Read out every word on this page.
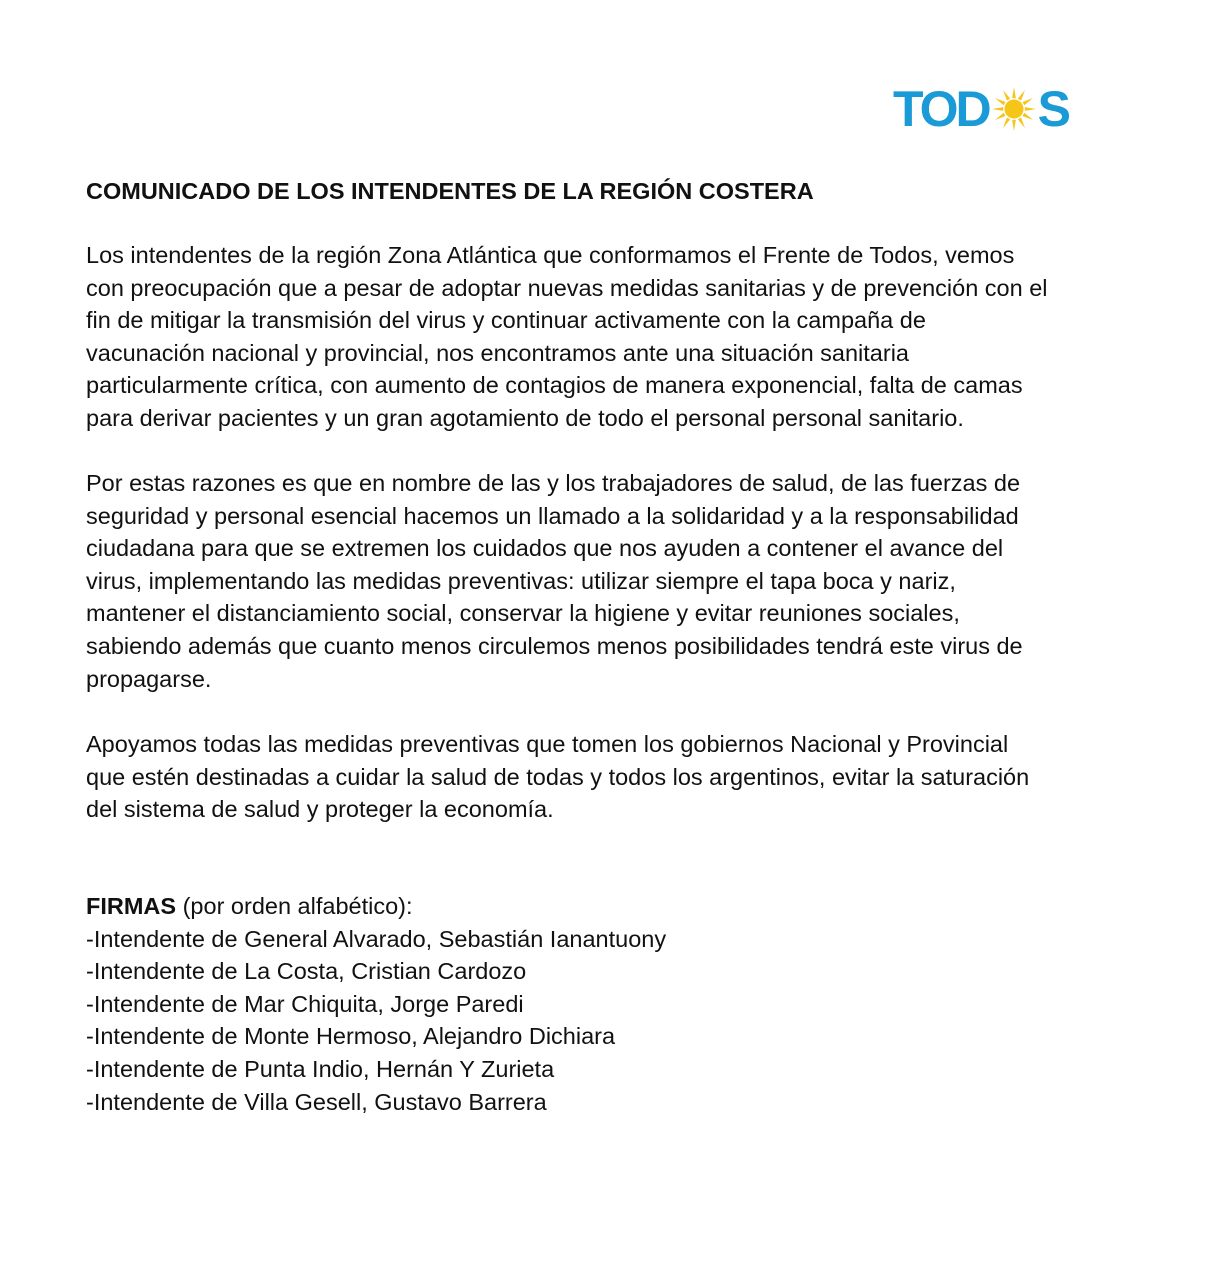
TOD S
COMUNICADO DE LOS INTENDENTES DE LA REGIÓN COSTERA
Los intendentes de la región Zona Atlántica que conformamos el Frente de Todos, vemos
con preocupación que a pesar de adoptar nuevas medidas sanitarias y de prevención con el
fin de mitigar la transmisión del virus y continuar activamente con la campaña de
vacunación nacional y provincial, nos encontramos ante una situación sanitaria
particularmente crítica, con aumento de contagios de manera exponencial, falta de camas
para derivar pacientes y un gran agotamiento de todo el personal personal sanitario.
Por estas razones es que en nombre de las y los trabajadores de salud, de las fuerzas de
seguridad y personal esencial hacemos un llamado a la solidaridad y a la responsabilidad
ciudadana para que se extremen los cuidados que nos ayuden a contener el avance del
virus, implementando las medidas preventivas: utilizar siempre el tapa boca y nariz,
mantener el distanciamiento social, conservar la higiene y evitar reuniones sociales,
sabiendo además que cuanto menos circulemos menos posibilidades tendrá este virus de
propagarse.
Apoyamos todas las medidas preventivas que tomen los gobiernos Nacional y Provincial
que estén destinadas a cuidar la salud de todas y todos los argentinos, evitar la saturación
del sistema de salud y proteger la economía.
FIRMAS (por orden alfabético):
-Intendente de General Alvarado, Sebastián Ianantuony
-Intendente de La Costa, Cristian Cardozo
-Intendente de Mar Chiquita, Jorge Paredi
-Intendente de Monte Hermoso, Alejandro Dichiara
-Intendente de Punta Indio, Hernán Y Zurieta
-Intendente de Villa Gesell, Gustavo Barrera
